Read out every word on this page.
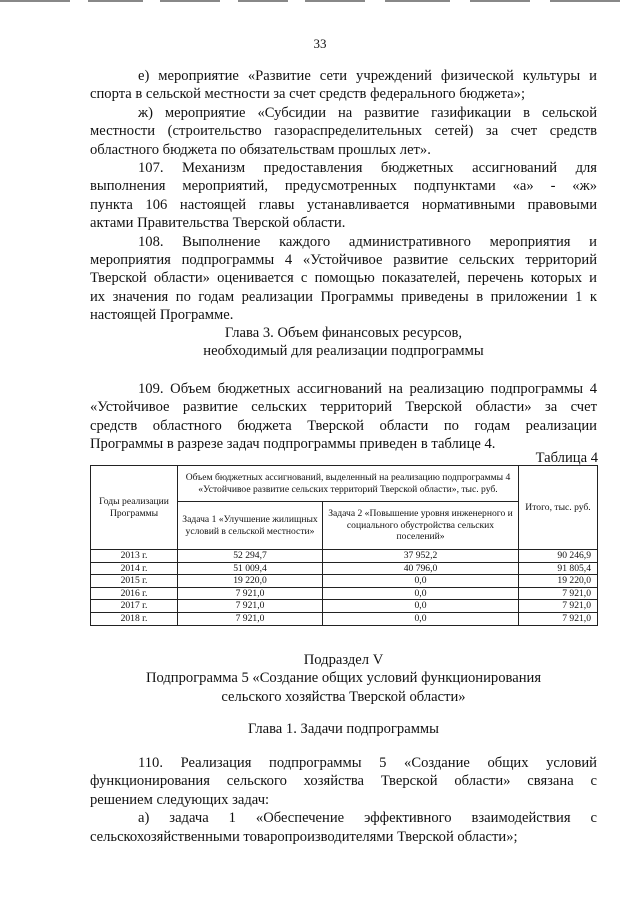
33

е) мероприятие «Развитие сети учреждений физической культуры и

спорта в сельской местности за счет средств федерального бюджета»;

ж) мероприятие «Субсидии на развитие газификации в сельской

местности (строительство газораспределительных сетей) за счет средств

областного бюджета по обязательствам прошлых лет».

107. Механизм предоставления бюджетных ассигнований для

выполнения мероприятий, предусмотренных подпунктами «а» - «ж»

пункта 106 настоящей главы устанавливается нормативными правовыми

актами Правительства Тверской области.

108. Выполнение каждого административного мероприятия и

мероприятия подпрограммы 4 «Устойчивое развитие сельских территорий

Тверской области» оценивается с помощью показателей, перечень которых и

их значения по годам реализации Программы приведены в приложении 1 к

настоящей Программе.

Глава 3. Объем финансовых ресурсов,

необходимый для реализации подпрограммы

109. Объем бюджетных ассигнований на реализацию подпрограммы 4

«Устойчивое развитие сельских территорий Тверской области» за счет

средств областного бюджета Тверской области по годам реализации

Программы в разрезе задач подпрограммы приведен в таблице 4.

Таблица 4
Годы реализации Программы	Объем бюджетных ассигнований, выделенный на реализацию подпрограммы 4 «Устойчивое развитие сельских территорий Тверской области», тыс. руб.		Итого, тыс. руб.
	Задача 1 «Улучшение жилищных условий в сельской местности»	Задача 2 «Повышение уровня инженерного и социального обустройства сельских поселений»	
2013 г.	52 294,7	37 952,2	90 246,9
2014 г.	51 009,4	40 796,0	91 805,4
2015 г.	19 220,0	0,0	19 220,0
2016 г.	7 921,0	0,0	7 921,0
2017 г.	7 921,0	0,0	7 921,0
2018 г.	7 921,0	0,0	7 921,0

Подраздел V

Подпрограмма 5 «Создание общих условий функционирования

сельского хозяйства Тверской области»

Глава 1. Задачи подпрограммы

110. Реализация подпрограммы 5 «Создание общих условий

функционирования сельского хозяйства Тверской области» связана с

решением следующих задач:

а) задача 1 «Обеспечение эффективного взаимодействия с

сельскохозяйственными товаропроизводителями Тверской области»;
